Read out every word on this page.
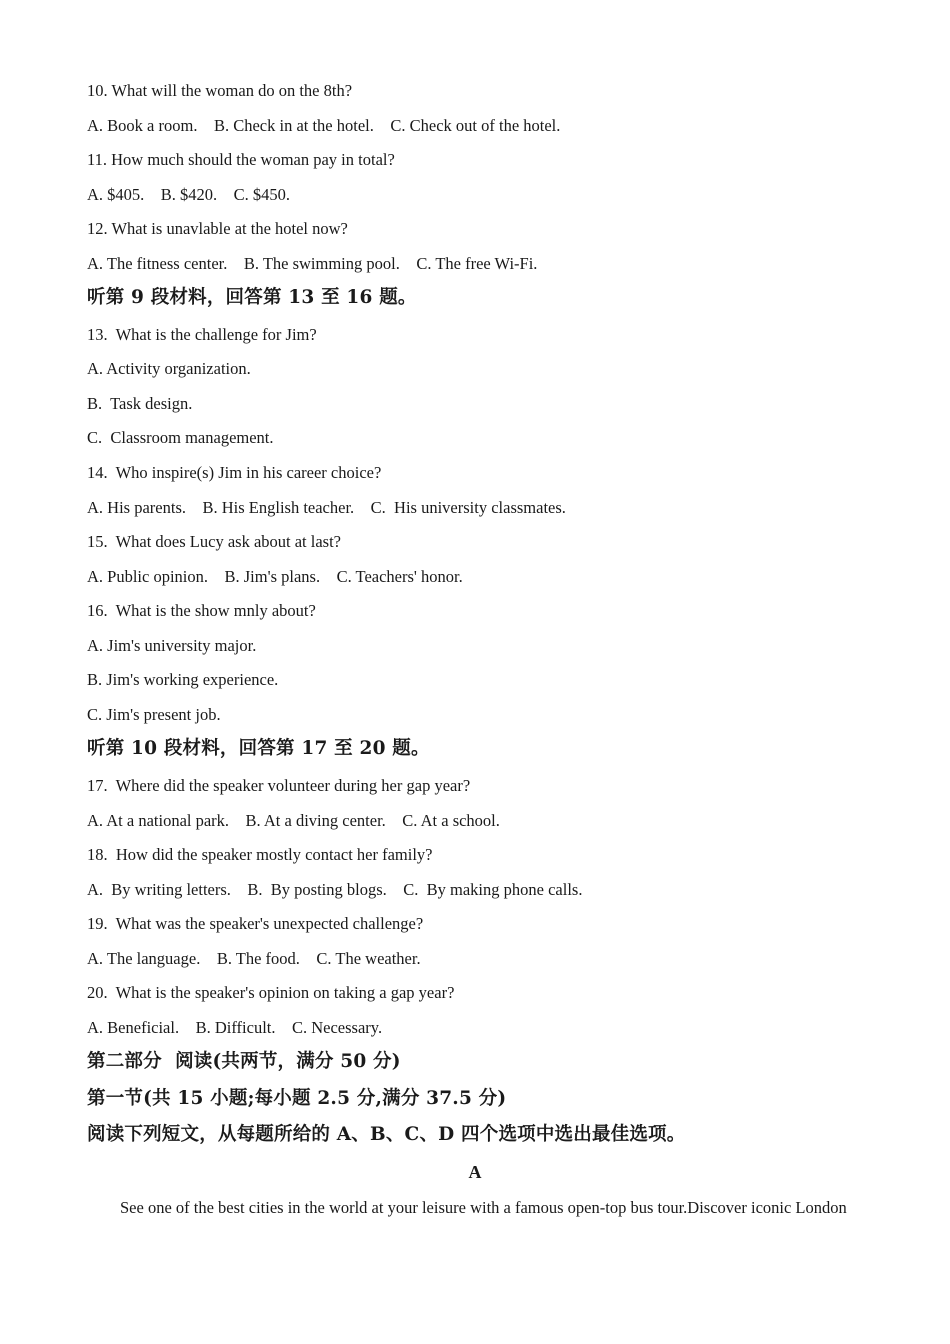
10. What will the woman do on the 8th?
A. Book a room.    B. Check in at the hotel.    C. Check out of the hotel.
11. How much should the woman pay in total?
A. $405.    B. $420.    C. $450.
12. What is unavlable at the hotel now?
A. The fitness center.    B. The swimming pool.    C. The free Wi-Fi.
听第 9 段材料，回答第 13 至 16 题。
13.  What is the challenge for Jim?
A. Activity organization.
B.  Task design.
C.  Classroom management.
14.  Who inspire(s) Jim in his career choice?
A. His parents.    B. His English teacher.    C.  His university classmates.
15.  What does Lucy ask about at last?
A. Public opinion.    B. Jim's plans.    C. Teachers' honor.
16.  What is the show mnly about?
A. Jim's university major.
B. Jim's working experience.
C. Jim's present job.
听第 10 段材料，回答第 17 至 20 题。
17.  Where did the speaker volunteer during her gap year?
A. At a national park.    B. At a diving center.    C. At a school.
18.  How did the speaker mostly contact her family?
A.  By writing letters.    B.  By posting blogs.    C.  By making phone calls.
19.  What was the speaker's unexpected challenge?
A. The language.    B. The food.    C. The weather.
20.  What is the speaker's opinion on taking a gap year?
A. Beneficial.    B. Difficult.    C. Necessary.
第二部分  阅读(共两节，满分 50 分)
第一节(共 15 小题;每小题 2.5 分,满分 37.5 分)
阅读下列短文，从每题所给的 A、B、C、D 四个选项中选出最佳选项。
A
See one of the best cities in the world at your leisure with a famous open-top bus tour.Discover iconic London
